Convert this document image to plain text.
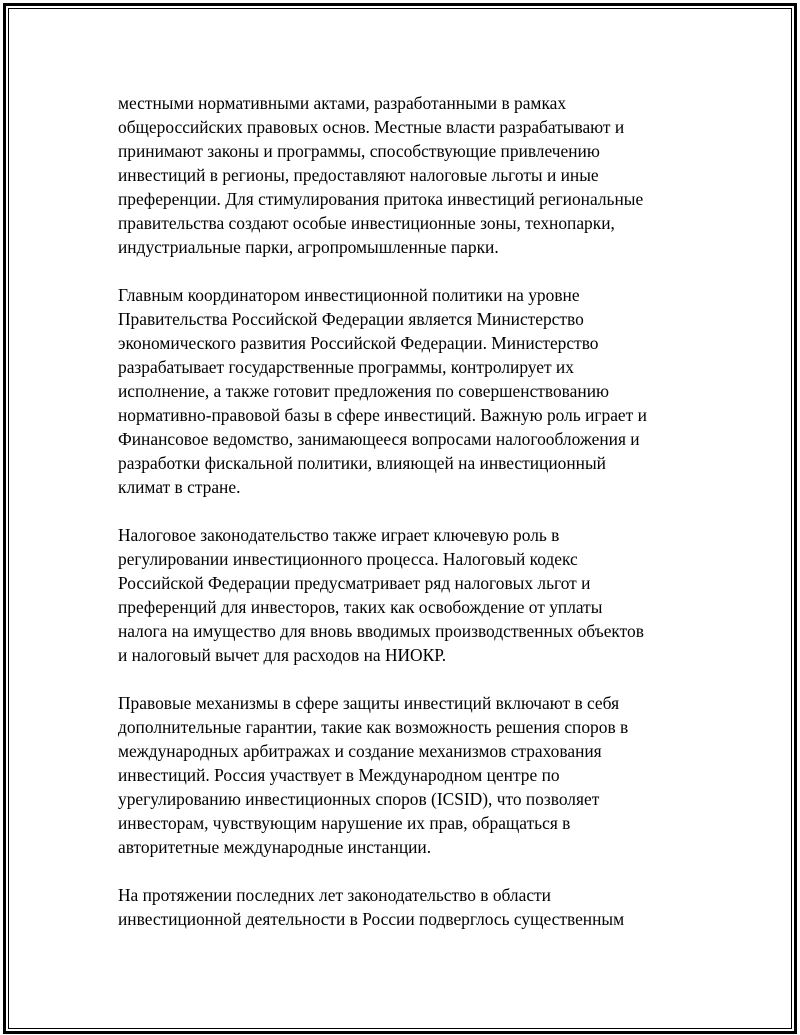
местными нормативными актами, разработанными в рамках
общероссийских правовых основ. Местные власти разрабатывают и
принимают законы и программы, способствующие привлечению
инвестиций в регионы, предоставляют налоговые льготы и иные
преференции. Для стимулирования притока инвестиций региональные
правительства создают особые инвестиционные зоны, технопарки,
индустриальные парки, агропромышленные парки.

Главным координатором инвестиционной политики на уровне
Правительства Российской Федерации является Министерство
экономического развития Российской Федерации. Министерство
разрабатывает государственные программы, контролирует их
исполнение, а также готовит предложения по совершенствованию
нормативно-правовой базы в сфере инвестиций. Важную роль играет и
Финансовое ведомство, занимающееся вопросами налогообложения и
разработки фискальной политики, влияющей на инвестиционный
климат в стране.

Налоговое законодательство также играет ключевую роль в
регулировании инвестиционного процесса. Налоговый кодекс
Российской Федерации предусматривает ряд налоговых льгот и
преференций для инвесторов, таких как освобождение от уплаты
налога на имущество для вновь вводимых производственных объектов
и налоговый вычет для расходов на НИОКР.

Правовые механизмы в сфере защиты инвестиций включают в себя
дополнительные гарантии, такие как возможность решения споров в
международных арбитражах и создание механизмов страхования
инвестиций. Россия участвует в Международном центре по
урегулированию инвестиционных споров (ICSID), что позволяет
инвесторам, чувствующим нарушение их прав, обращаться в
авторитетные международные инстанции.

На протяжении последних лет законодательство в области
инвестиционной деятельности в России подверглось существенным
